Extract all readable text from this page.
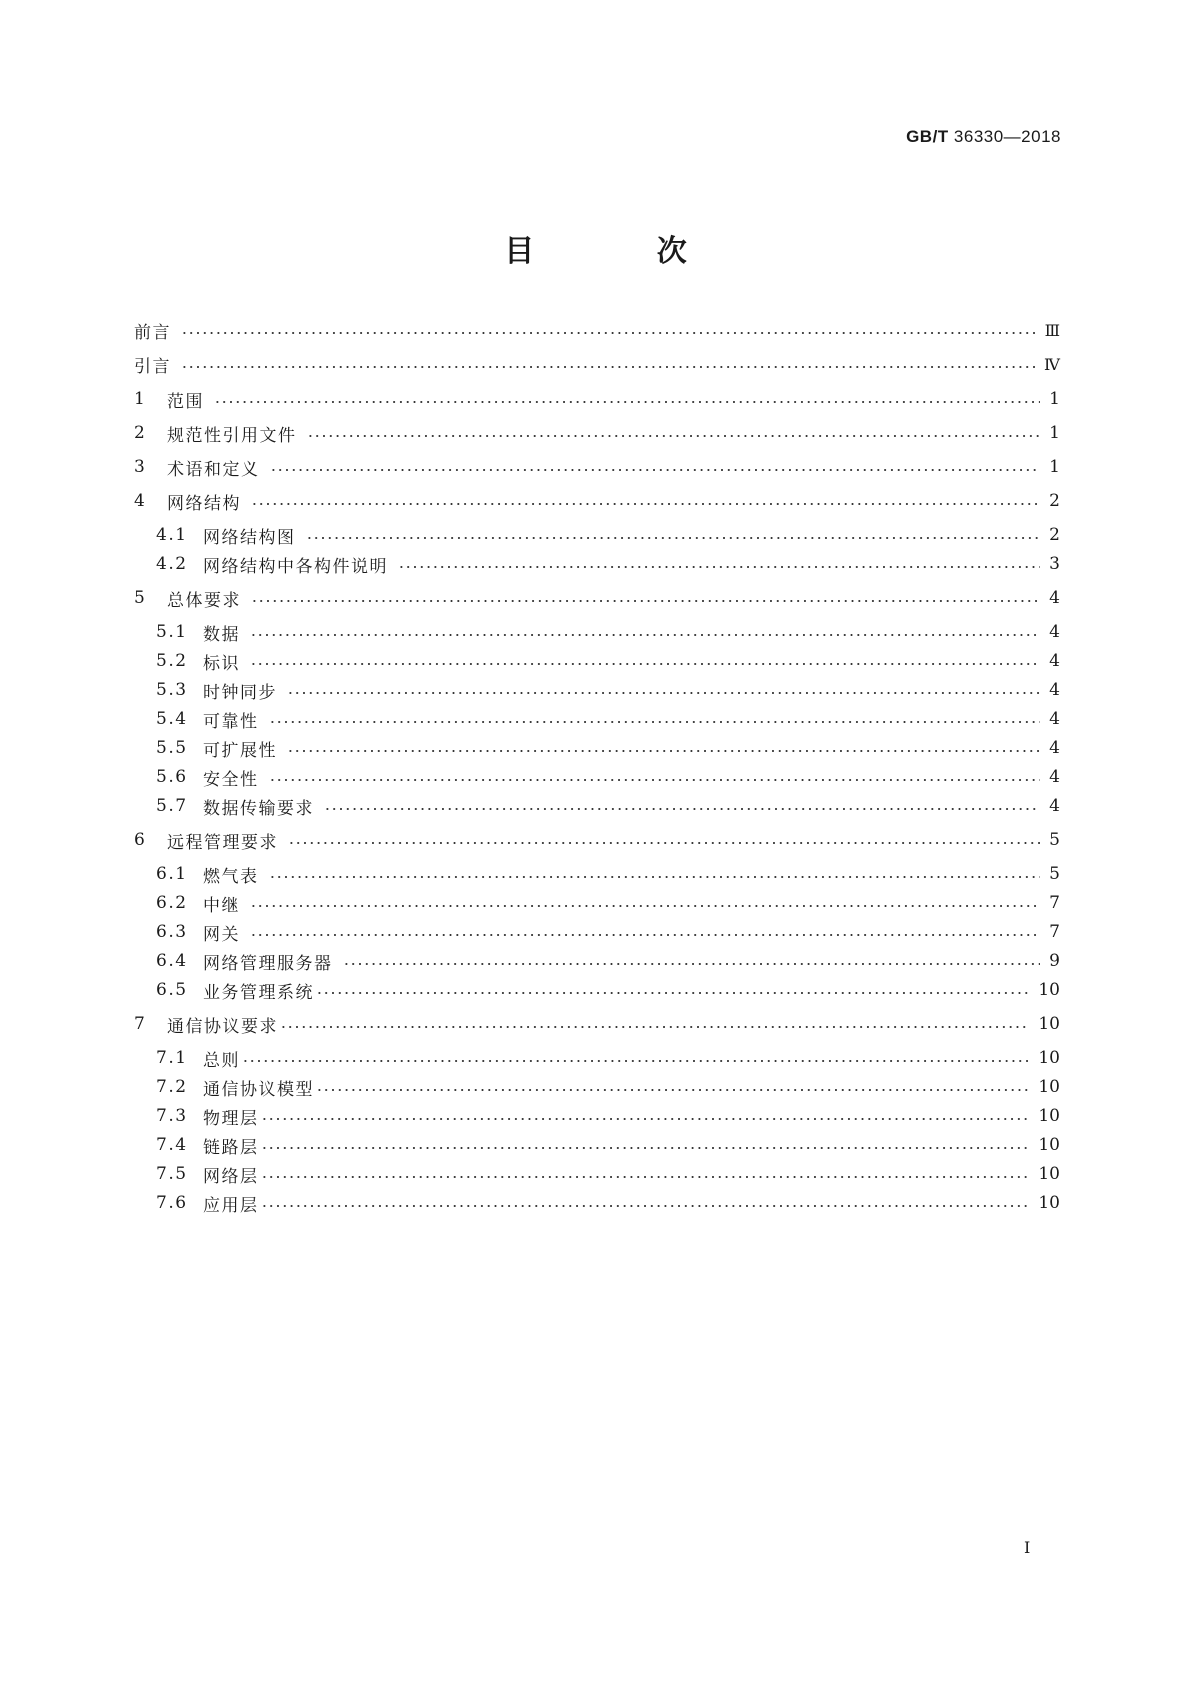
GB/T 36330—2018
目 次
前言	Ⅲ
引言	Ⅳ
1	范围	1
2	规范性引用文件	1
3	术语和定义	1
4	网络结构	2
4.1 网络结构图	2
4.2 网络结构中各构件说明	3
5	总体要求	4
5.1 数据	4
5.2 标识	4
5.3 时钟同步	4
5.4 可靠性	4
5.5 可扩展性	4
5.6 安全性	4
5.7 数据传输要求	4
6	远程管理要求	5
6.1 燃气表	5
6.2 中继	7
6.3 网关	7
6.4 网络管理服务器	9
6.5 业务管理系统	10
7	通信协议要求	10
7.1 总则	10
7.2 通信协议模型	10
7.3 物理层	10
7.4 链路层	10
7.5 网络层	10
7.6 应用层	10
I
